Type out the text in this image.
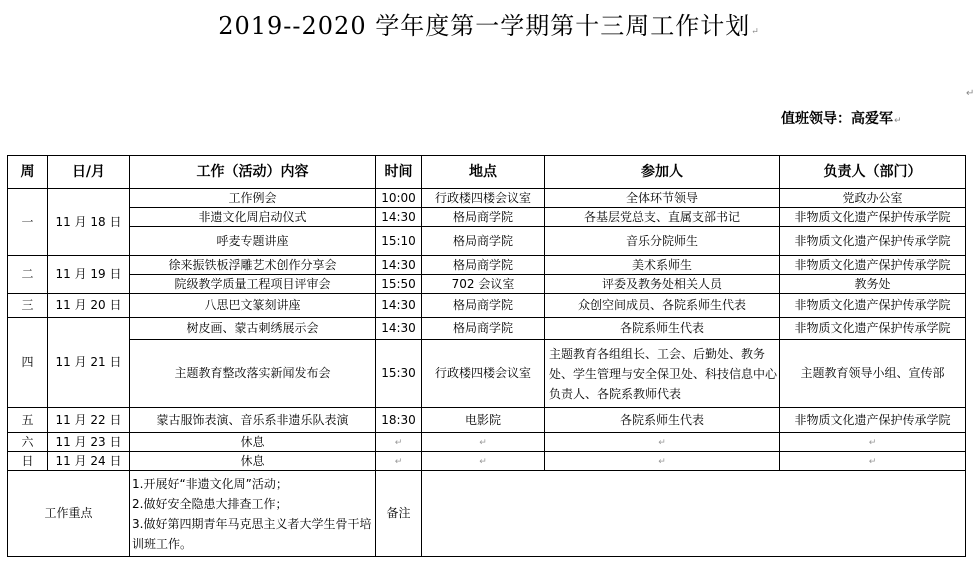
2019--2020 学年度第一学期第十三周工作计划↵
值班领导：高爱军↵
↵
周	日/月	工作（活动）内容	时间	地点	参加人	负责人（部门）
一	11 月 18 日	工作例会	10:00	行政楼四楼会议室	全体环节领导	党政办公室
		非遗文化周启动仪式	14:30	格局商学院	各基层党总支、直属支部书记	非物质文化遗产保护传承学院
		呼麦专题讲座	15:10	格局商学院	音乐分院师生	非物质文化遗产保护传承学院
二	11 月 19 日	徐来振铁板浮雕艺术创作分享会	14:30	格局商学院	美术系师生	非物质文化遗产保护传承学院
		院级教学质量工程项目评审会	15:50	702 会议室	评委及教务处相关人员	教务处
三	11 月 20 日	八思巴文篆刻讲座	14:30	格局商学院	众创空间成员、各院系师生代表	非物质文化遗产保护传承学院
四	11 月 21 日	树皮画、蒙古刺绣展示会	14:30	格局商学院	各院系师生代表	非物质文化遗产保护传承学院
		主题教育整改落实新闻发布会	15:30	行政楼四楼会议室	主题教育各组组长、工会、后勤处、教务处、学生管理与安全保卫处、科技信息中心负责人、各院系教师代表	主题教育领导小组、宣传部
五	11 月 22 日	蒙古服饰表演、音乐系非遗乐队表演	18:30	电影院	各院系师生代表	非物质文化遗产保护传承学院
六	11 月 23 日	休息	↵	↵	↵	↵
日	11 月 24 日	休息	↵	↵	↵	↵
工作重点		1.开展好“非遗文化周”活动；
2.做好安全隐患大排查工作；
3.做好第四期青年马克思主义者大学生骨干培训班工作。	备注			
